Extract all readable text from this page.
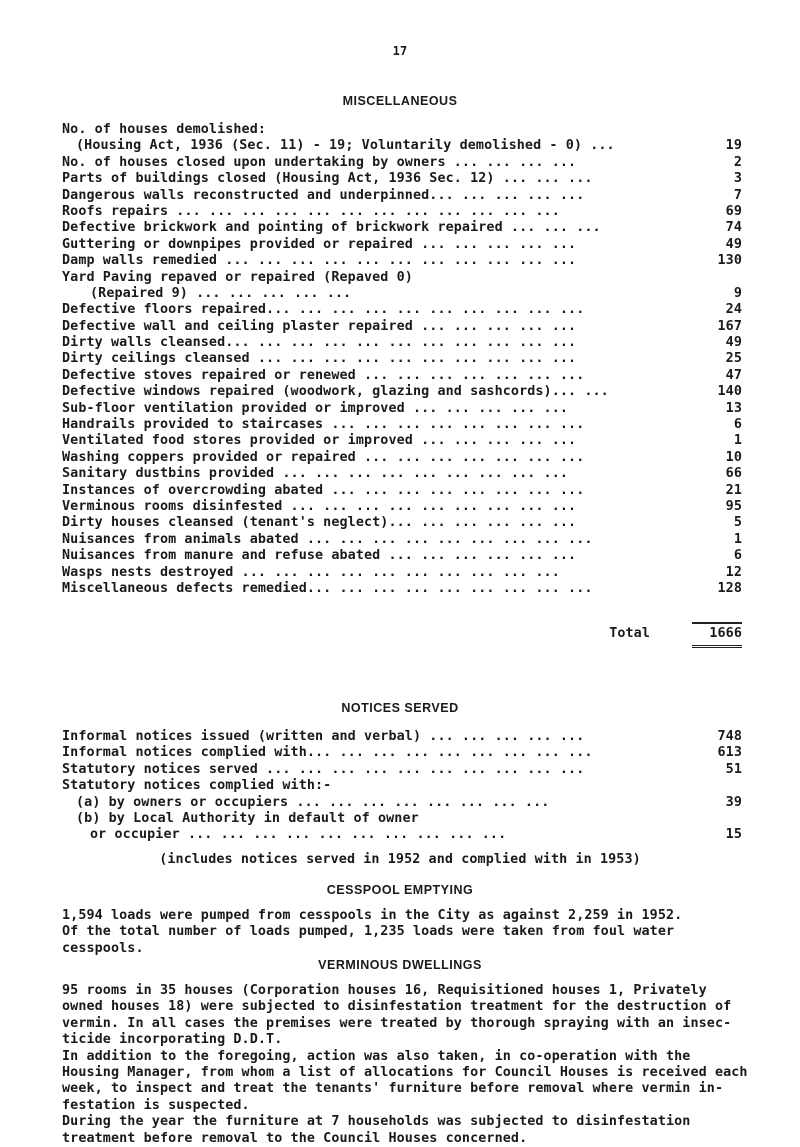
17
MISCELLANEOUS
No. of houses demolished:
(Housing Act, 1936 (Sec. 11) - 19; Voluntarily demolished - 0) ...	19
No. of houses closed upon undertaking by owners ... ... ... ...	2
Parts of buildings closed (Housing Act, 1936 Sec. 12) ... ... ...	3
Dangerous walls reconstructed and underpinned... ... ... ... ...	7
Roofs repairs ... ... ... ... ... ... ... ... ... ... ... ...	69
Defective brickwork and pointing of brickwork repaired ... ... ...	74
Guttering or downpipes provided or repaired ... ... ... ... ...	49
Damp walls remedied ... ... ... ... ... ... ... ... ... ... ...	130
Yard Paving repaved or repaired (Repaved 0)
(Repaired 9) ... ... ... ... ...	9
Defective floors repaired... ... ... ... ... ... ... ... ... ...	24
Defective wall and ceiling plaster repaired ... ... ... ... ...	167
Dirty walls cleansed... ... ... ... ... ... ... ... ... ... ...	49
Dirty ceilings cleansed ... ... ... ... ... ... ... ... ... ...	25
Defective stoves repaired or renewed ... ... ... ... ... ... ...	47
Defective windows repaired (woodwork, glazing and sashcords)... ...	140
Sub-floor ventilation provided or improved ... ... ... ... ...	13
Handrails provided to staircases ... ... ... ... ... ... ... ...	6
Ventilated food stores provided or improved ... ... ... ... ...	1
Washing coppers provided or repaired ... ... ... ... ... ... ...	10
Sanitary dustbins provided ... ... ... ... ... ... ... ... ...	66
Instances of overcrowding abated ... ... ... ... ... ... ... ...	21
Verminous rooms disinfested ... ... ... ... ... ... ... ... ...	95
Dirty houses cleansed (tenant's neglect)... ... ... ... ... ...	5
Nuisances from animals abated ... ... ... ... ... ... ... ... ...	1
Nuisances from manure and refuse abated ... ... ... ... ... ...	6
Wasps nests destroyed ... ... ... ... ... ... ... ... ... ...	12
Miscellaneous defects remedied... ... ... ... ... ... ... ... ...	128
Total	1666
NOTICES SERVED
Informal notices issued (written and verbal) ... ... ... ... ...	748
Informal notices complied with... ... ... ... ... ... ... ... ...	613
Statutory notices served ... ... ... ... ... ... ... ... ... ...	51
Statutory notices complied with:-
(a) by owners or occupiers ... ... ... ... ... ... ... ...	39
(b) by Local Authority in default of owner
or occupier ... ... ... ... ... ... ... ... ... ...	15
(includes notices served in 1952 and complied with in 1953)
CESSPOOL EMPTYING
1,594 loads were pumped from cesspools in the City as against 2,259 in 1952.
Of the total number of loads pumped, 1,235 loads were taken from foul water cesspools.
VERMINOUS DWELLINGS
95 rooms in 35 houses (Corporation houses 16, Requisitioned houses 1, Privately
owned houses 18) were subjected to disinfestation treatment for the destruction of
vermin. In all cases the premises were treated by thorough spraying with an insec-
ticide incorporating D.D.T.
In addition to the foregoing, action was also taken, in co-operation with the
Housing Manager, from whom a list of allocations for Council Houses is received each
week, to inspect and treat the tenants' furniture before removal where vermin in-
festation is suspected.
During the year the furniture at 7 households was subjected to disinfestation
treatment before removal to the Council Houses concerned.
